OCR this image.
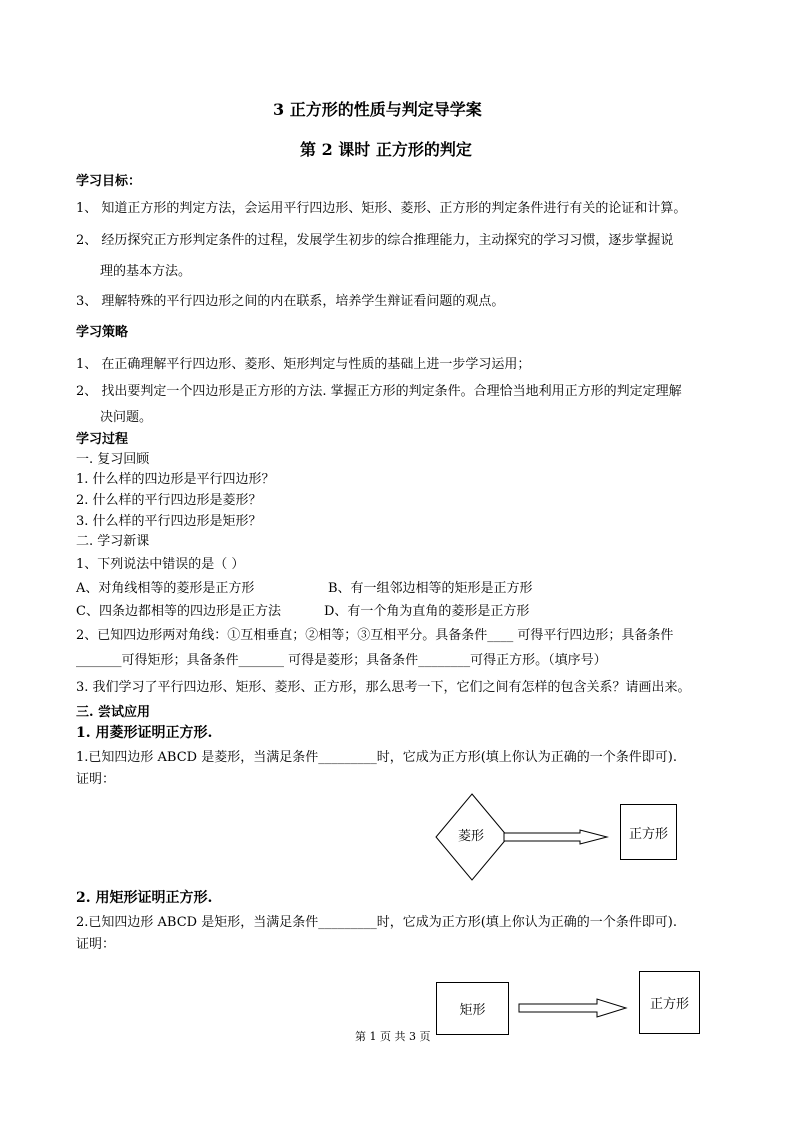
3 正方形的性质与判定导学案
第 2 课时 正方形的判定
学习目标：
1、 知道正方形的判定方法，会运用平行四边形、矩形、菱形、正方形的判定条件进行有关的论证和计算。
2、 经历探究正方形判定条件的过程，发展学生初步的综合推理能力，主动探究的学习习惯，逐步掌握说
理的基本方法。
3、 理解特殊的平行四边形之间的内在联系，培养学生辩证看问题的观点。
学习策略
1、 在正确理解平行四边形、菱形、矩形判定与性质的基础上进一步学习运用；
2、 找出要判定一个四边形是正方形的方法. 掌握正方形的判定条件。合理恰当地利用正方形的判定定理解
决问题。
学习过程
一. 复习回顾
1. 什么样的四边形是平行四边形？
2. 什么样的平行四边形是菱形？
3. 什么样的平行四边形是矩形？
二. 学习新课
1、下列说法中错误的是（ ）
A、对角线相等的菱形是正方形	B、有一组邻边相等的矩形是正方形
C、四条边都相等的四边形是正方法	D、有一个角为直角的菱形是正方形
2、已知四边形两对角线：①互相垂直；②相等；③互相平分。具备条件____ 可得平行四边形；具备条件
_______可得矩形；具备条件_______ 可得是菱形；具备条件________可得正方形。（填序号）
3. 我们学习了平行四边形、矩形、菱形、正方形，那么思考一下，它们之间有怎样的包含关系？请画出来。
三. 尝试应用
1. 用菱形证明正方形.
1.已知四边形 ABCD 是菱形，当满足条件_________时，它成为正方形(填上你认为正确的一个条件即可).
证明：
菱形	正方形
2. 用矩形证明正方形.
2.已知四边形 ABCD 是矩形，当满足条件_________时，它成为正方形(填上你认为正确的一个条件即可).
证明：
矩形	正方形
第 1 页 共 3 页
